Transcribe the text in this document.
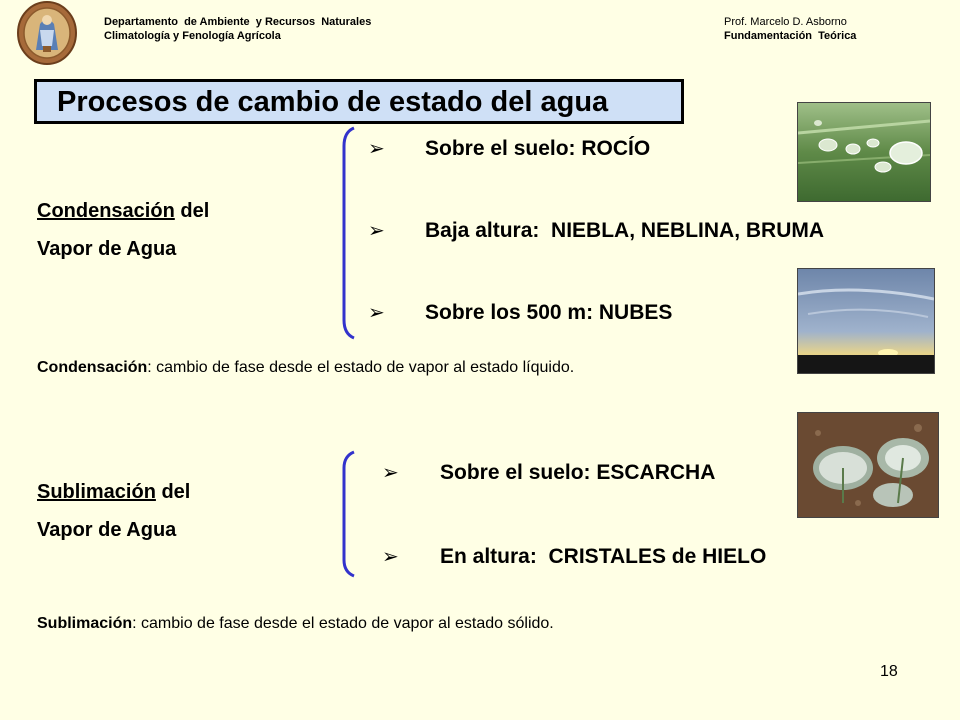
Departamento  de Ambiente  y Recursos  Naturales
Climatología y Fenología Agrícola
Prof. Marcelo D. Asborno
Fundamentación  Teórica
Procesos de cambio de estado del agua
Condensación del
Vapor de Agua
➢ Sobre el suelo: ROCÍO
➢ Baja altura:  NIEBLA, NEBLINA, BRUMA
➢ Sobre los 500 m: NUBES
Condensación: cambio de fase desde el estado de vapor al estado líquido.
Sublimación del
Vapor de Agua
➢ Sobre el suelo: ESCARCHA
➢ En altura:  CRISTALES de HIELO
Sublimación: cambio de fase desde el estado de vapor al estado sólido.
18
